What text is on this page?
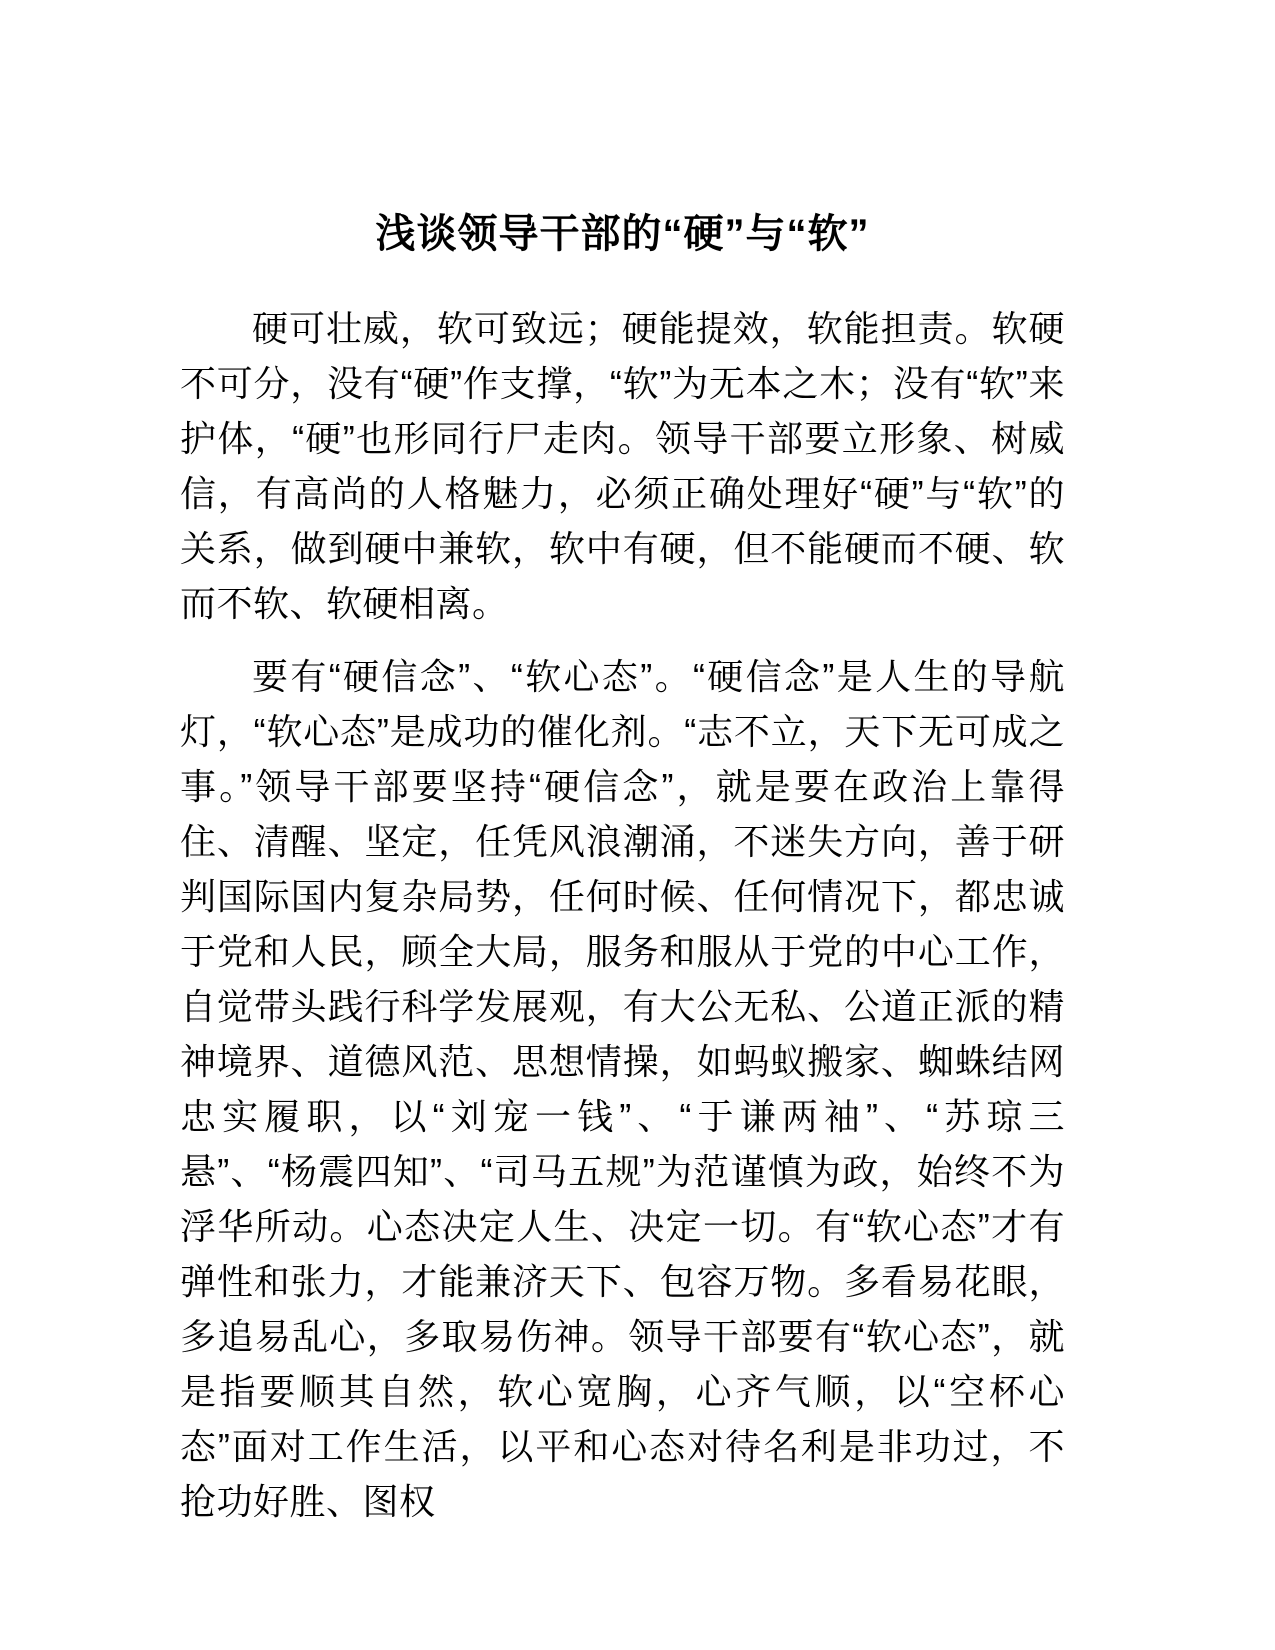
浅谈领导干部的“硬”与“软”

硬可壮威，软可致远；硬能提效，软能担责。软硬不可分，没有“硬”作支撑，“软”为无本之木；没有“软”来护体，“硬”也形同行尸走肉。领导干部要立形象、树威信，有高尚的人格魅力，必须正确处理好“硬”与“软”的关系，做到硬中兼软，软中有硬，但不能硬而不硬、软而不软、软硬相离。

要有“硬信念”、“软心态”。“硬信念”是人生的导航灯，“软心态”是成功的催化剂。“志不立，天下无可成之事。”领导干部要坚持“硬信念”，就是要在政治上靠得住、清醒、坚定，任凭风浪潮涌，不迷失方向，善于研判国际国内复杂局势，任何时候、任何情况下，都忠诚于党和人民，顾全大局，服务和服从于党的中心工作，自觉带头践行科学发展观，有大公无私、公道正派的精神境界、道德风范、思想情操，如蚂蚁搬家、蜘蛛结网忠实履职，以“刘宠一钱”、“于谦两袖”、“苏琼三悬”、“杨震四知”、“司马五规”为范谨慎为政，始终不为浮华所动。心态决定人生、决定一切。有“软心态”才有弹性和张力，才能兼济天下、包容万物。多看易花眼，多追易乱心，多取易伤神。领导干部要有“软心态”，就是指要顺其自然，软心宽胸，心齐气顺，以“空杯心态”面对工作生活，以平和心态对待名利是非功过，不抢功好胜、图权
